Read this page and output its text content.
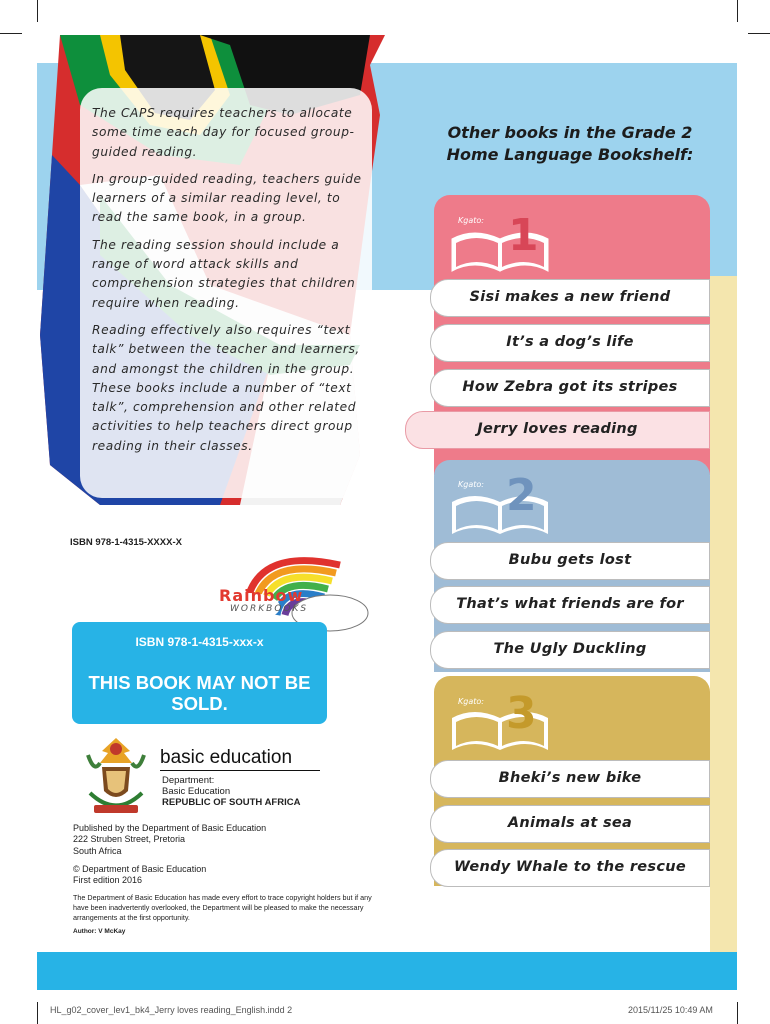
The CAPS requires teachers to allocate some time each day for focused group-guided reading.

In group-guided reading, teachers guide learners of a similar reading level, to read the same book, in a group.

The reading session should include a range of word attack skills and comprehension strategies that children require when reading.

Reading effectively also requires “text talk” between the teacher and learners, and amongst the children in the group. These books include a number of “text talk”, comprehension and other related activities to help teachers direct group reading in their classes.

Other books in the Grade 2 Home Language Bookshelf:
Kgato: 1
Sisi makes a new friend
It’s a dog’s life
How Zebra got its stripes
Jerry loves reading
Kgato: 2
Bubu gets lost
That’s what friends are for
The Ugly Duckling
Kgato: 3
Bheki’s new bike
Animals at sea
Wendy Whale to the rescue
ISBN 978-1-4315-XXXX-X
Rainbow
WORKBOOKS
ISBN 978-1-4315-xxx-x
THIS BOOK MAY NOT BE SOLD.
basic education
Department:
Basic Education
REPUBLIC OF SOUTH AFRICA
Published by the Department of Basic Education
222 Struben Street, Pretoria
South Africa
© Department of Basic Education
First edition 2016
The Department of Basic Education has made every effort to trace copyright holders but if any have been inadvertently overlooked, the Department will be pleased to make the necessary arrangements at the first opportunity.
Author: V McKay
HL_g02_cover_lev1_bk4_Jerry loves reading_English.indd 2	2015/11/25 10:49 AM
